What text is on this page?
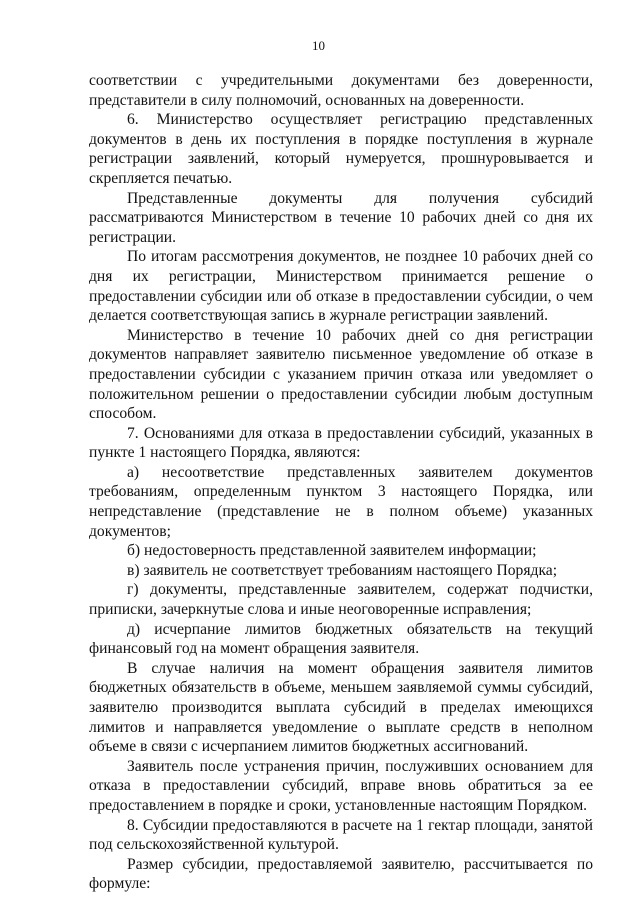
10

соответствии с учредительными документами без доверенности, представители в силу полномочий, основанных на доверенности.

6. Министерство осуществляет регистрацию представленных документов в день их поступления в порядке поступления в журнале регистрации заявлений, который нумеруется, прошнуровывается и скрепляется печатью.

Представленные документы для получения субсидий рассматриваются Министерством в течение 10 рабочих дней со дня их регистрации.

По итогам рассмотрения документов, не позднее 10 рабочих дней со дня их регистрации, Министерством принимается решение о предоставлении субсидии или об отказе в предоставлении субсидии, о чем делается соответствующая запись в журнале регистрации заявлений.

Министерство в течение 10 рабочих дней со дня регистрации документов направляет заявителю письменное уведомление об отказе в предоставлении субсидии с указанием причин отказа или уведомляет о положительном решении о предоставлении субсидии любым доступным способом.

7. Основаниями для отказа в предоставлении субсидий, указанных в пункте 1 настоящего Порядка, являются:

а) несоответствие представленных заявителем документов требованиям, определенным пунктом 3 настоящего Порядка, или непредставление (представление не в полном объеме) указанных документов;

б) недостоверность представленной заявителем информации;

в) заявитель не соответствует требованиям настоящего Порядка;

г) документы, представленные заявителем, содержат подчистки, приписки, зачеркнутые слова и иные неоговоренные исправления;

д) исчерпание лимитов бюджетных обязательств на текущий финансовый год на момент обращения заявителя.

В случае наличия на момент обращения заявителя лимитов бюджетных обязательств в объеме, меньшем заявляемой суммы субсидий, заявителю производится выплата субсидий в пределах имеющихся лимитов и направляется уведомление о выплате средств в неполном объеме в связи с исчерпанием лимитов бюджетных ассигнований.

Заявитель после устранения причин, послуживших основанием для отказа в предоставлении субсидий, вправе вновь обратиться за ее предоставлением в порядке и сроки, установленные настоящим Порядком.

8. Субсидии предоставляются в расчете на 1 гектар площади, занятой под сельскохозяйственной культурой.

Размер субсидии, предоставляемой заявителю, рассчитывается по формуле:
